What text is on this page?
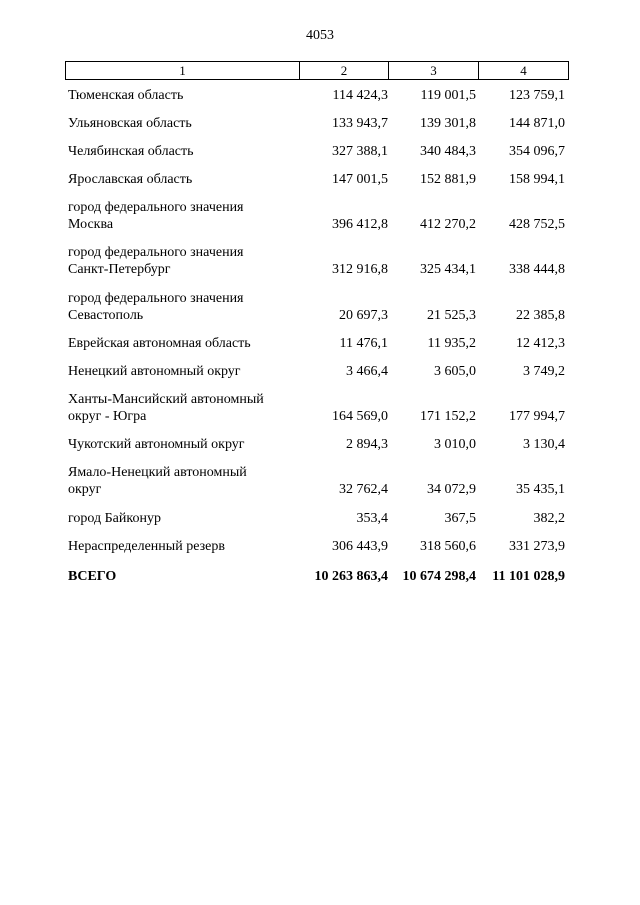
4053
1	2	3	4
Тюменская область	114 424,3	119 001,5	123 759,1
Ульяновская область	133 943,7	139 301,8	144 871,0
Челябинская область	327 388,1	340 484,3	354 096,7
Ярославская область	147 001,5	152 881,9	158 994,1
город федерального значения
Москва	396 412,8	412 270,2	428 752,5
город федерального значения
Санкт-Петербург	312 916,8	325 434,1	338 444,8
город федерального значения
Севастополь	20 697,3	21 525,3	22 385,8
Еврейская автономная область	11 476,1	11 935,2	12 412,3
Ненецкий автономный округ	3 466,4	3 605,0	3 749,2
Ханты-Мансийский автономный
округ - Югра	164 569,0	171 152,2	177 994,7
Чукотский автономный округ	2 894,3	3 010,0	3 130,4
Ямало-Ненецкий автономный
округ	32 762,4	34 072,9	35 435,1
город Байконур	353,4	367,5	382,2
Нераспределенный резерв	306 443,9	318 560,6	331 273,9
ВСЕГО	10 263 863,4	10 674 298,4	11 101 028,9
